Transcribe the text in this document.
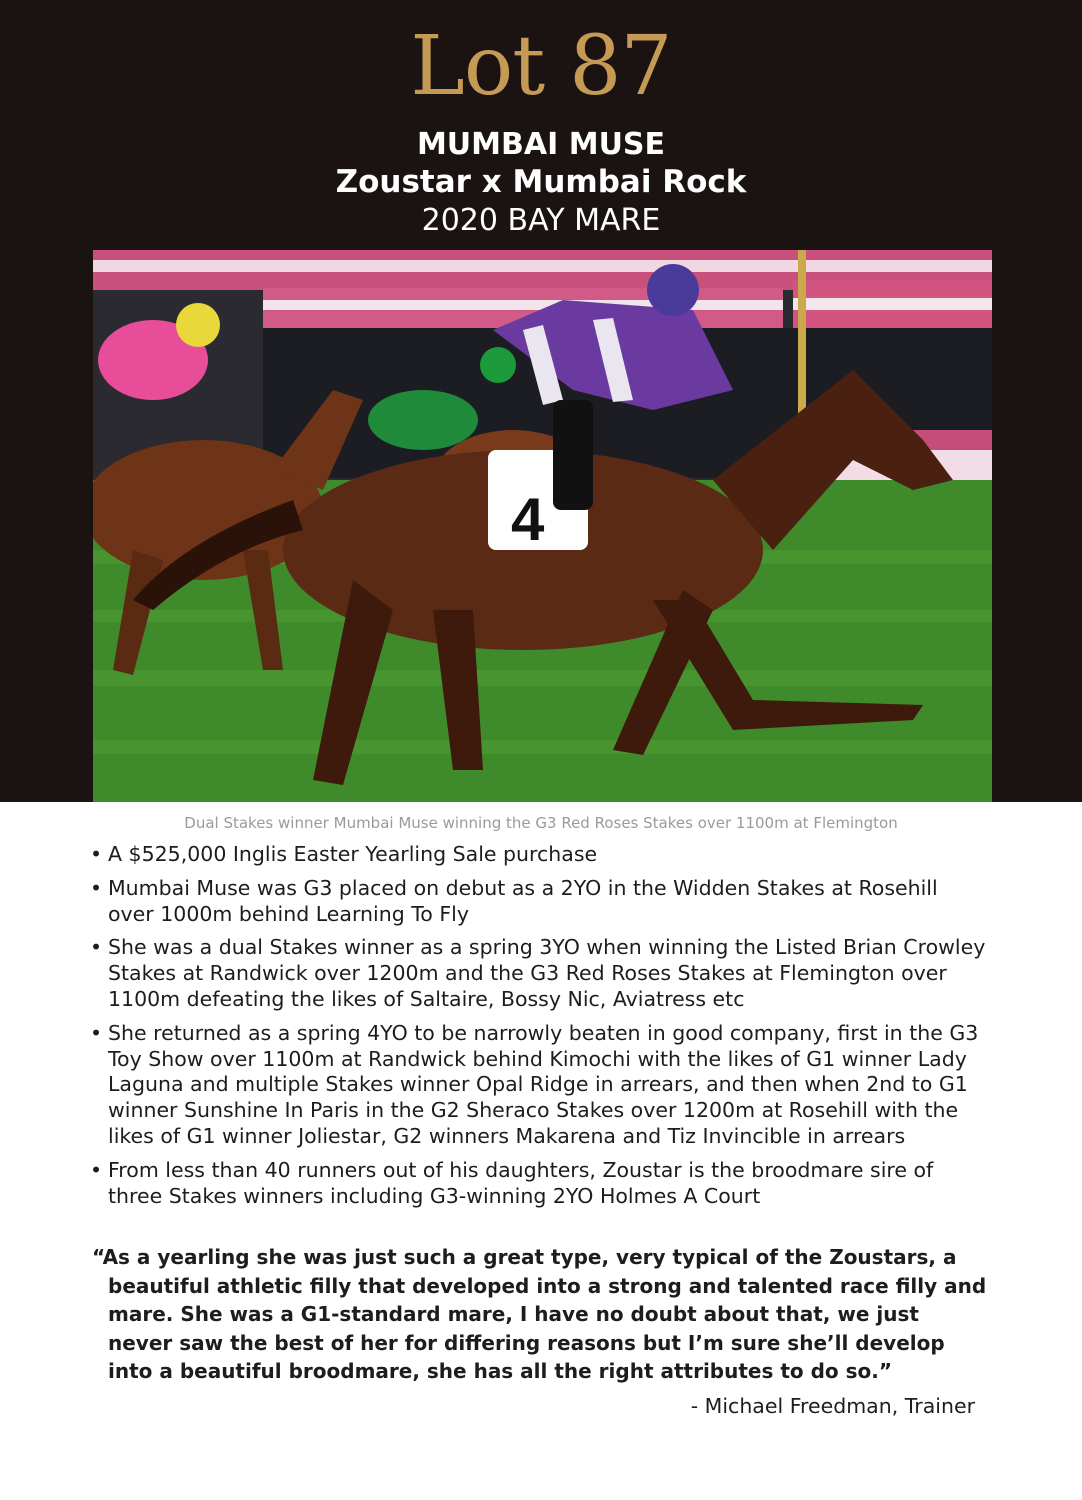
Lot 87
MUMBAI MUSE
Zoustar x Mumbai Rock
2020 BAY MARE
4
Dual Stakes winner Mumbai Muse winning the G3 Red Roses Stakes over 1100m at Flemington
• A $525,000 Inglis Easter Yearling Sale purchase
• Mumbai Muse was G3 placed on debut as a 2YO in the Widden Stakes at Rosehill over 1000m behind Learning To Fly
• She was a dual Stakes winner as a spring 3YO when winning the Listed Brian Crowley Stakes at Randwick over 1200m and the G3 Red Roses Stakes at Flemington over 1100m defeating the likes of Saltaire, Bossy Nic, Aviatress etc
• She returned as a spring 4YO to be narrowly beaten in good company, first in the G3 Toy Show over 1100m at Randwick behind Kimochi with the likes of G1 winner Lady Laguna and multiple Stakes winner Opal Ridge in arrears, and then when 2nd to G1 winner Sunshine In Paris in the G2 Sheraco Stakes over 1200m at Rosehill with the likes of G1 winner Joliestar, G2 winners Makarena and Tiz Invincible in arrears
• From less than 40 runners out of his daughters, Zoustar is the broodmare sire of three Stakes winners including G3-winning 2YO Holmes A Court
“As a yearling she was just such a great type, very typical of the Zoustars, a beautiful athletic filly that developed into a strong and talented race filly and mare. She was a G1-standard mare, I have no doubt about that, we just never saw the best of her for differing reasons but I’m sure she’ll develop into a beautiful broodmare, she has all the right attributes to do so.”
- Michael Freedman, Trainer
